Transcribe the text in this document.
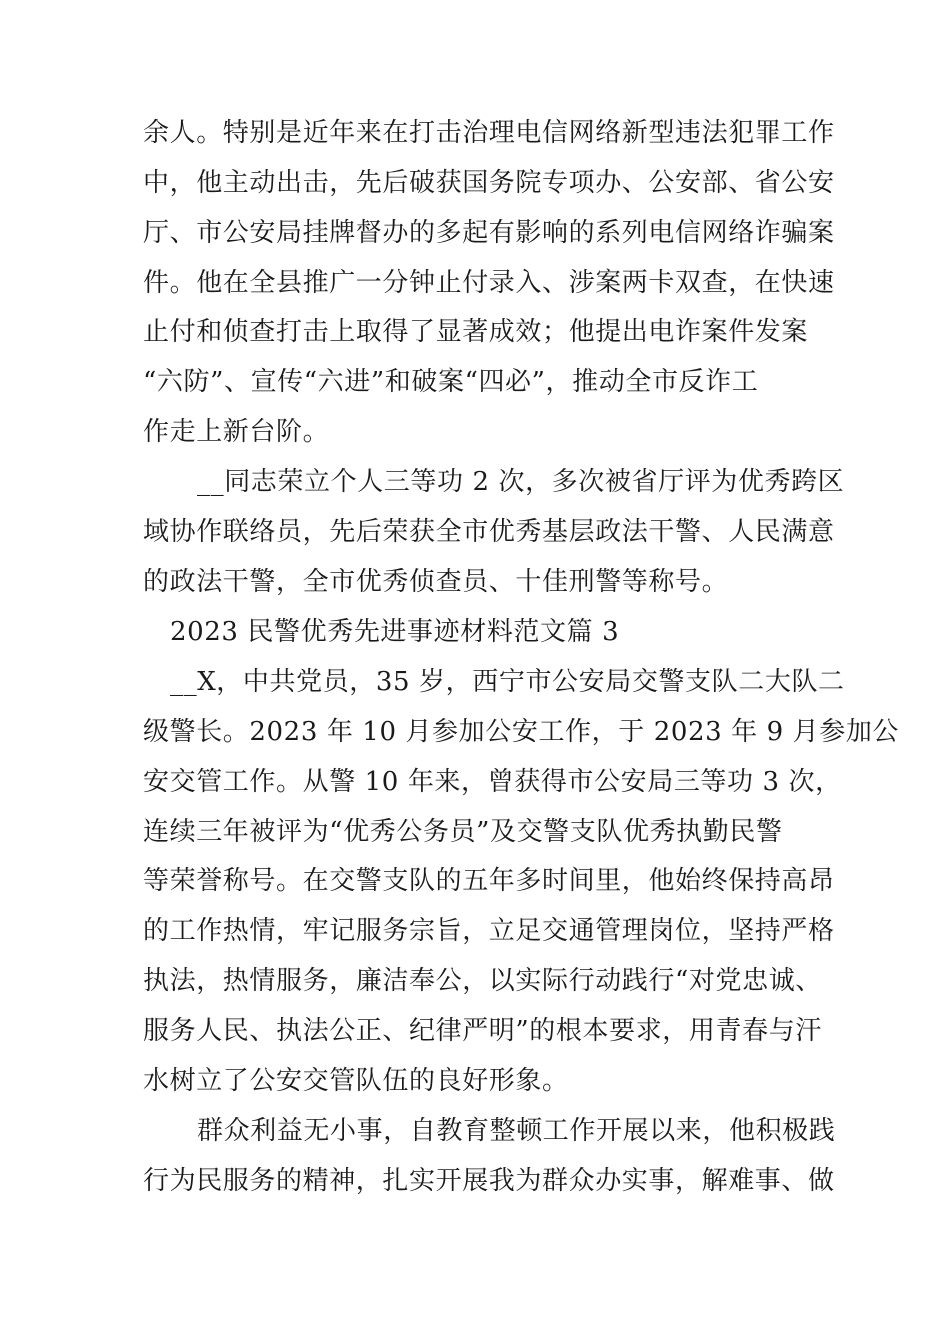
余人。特别是近年来在打击治理电信网络新型违法犯罪工作
中，他主动出击，先后破获国务院专项办、公安部、省公安
厅、市公安局挂牌督办的多起有影响的系列电信网络诈骗案
件。他在全县推广一分钟止付录入、涉案两卡双查，在快速
止付和侦查打击上取得了显著成效；他提出电诈案件发案
“六防”、宣传“六进”和破案“四必”，推动全市反诈工
作走上新台阶。
__同志荣立个人三等功 2 次，多次被省厅评为优秀跨区
域协作联络员，先后荣获全市优秀基层政法干警、人民满意
的政法干警，全市优秀侦查员、十佳刑警等称号。
2023 民警优秀先进事迹材料范文篇 3
__X，中共党员，35 岁，西宁市公安局交警支队二大队二
级警长。2023 年 10 月参加公安工作，于 2023 年 9 月参加公
安交管工作。从警 10 年来，曾获得市公安局三等功 3 次，
连续三年被评为“优秀公务员”及交警支队优秀执勤民警
等荣誉称号。在交警支队的五年多时间里，他始终保持高昂
的工作热情，牢记服务宗旨，立足交通管理岗位，坚持严格
执法，热情服务，廉洁奉公，以实际行动践行“对党忠诚、
服务人民、执法公正、纪律严明”的根本要求，用青春与汗
水树立了公安交管队伍的良好形象。
群众利益无小事，自教育整顿工作开展以来，他积极践
行为民服务的精神，扎实开展我为群众办实事，解难事、做
